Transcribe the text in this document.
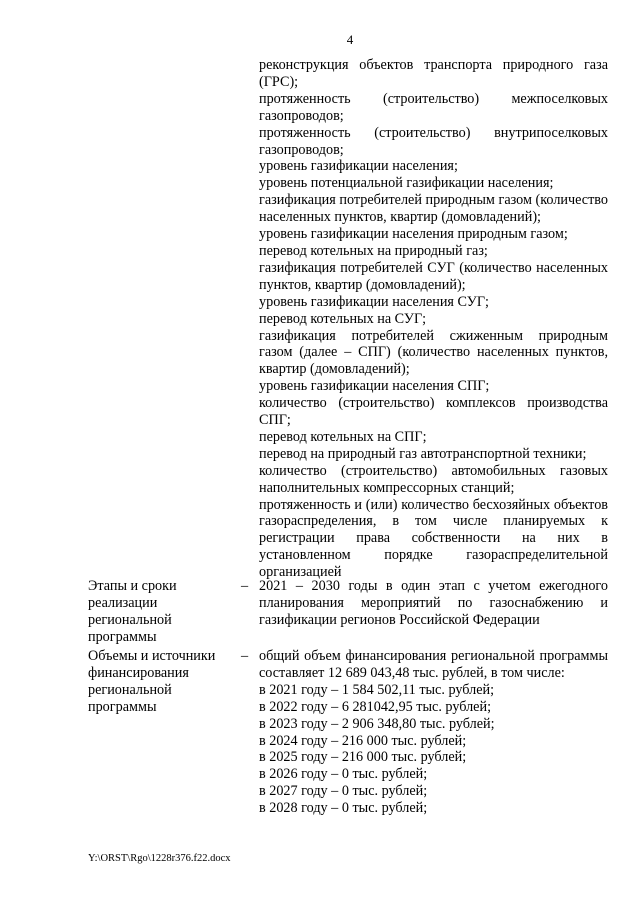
4

реконструкция объектов транспорта природного газа (ГРС);

протяженность (строительство) межпоселковых газопроводов;

протяженность (строительство) внутрипоселковых газопроводов;

уровень газификации населения;

уровень потенциальной газификации населения;

газификация потребителей природным газом (количество населенных пунктов, квартир (домовладений);

уровень газификации населения природным газом;

перевод котельных на природный газ;

газификация потребителей СУГ (количество населенных пунктов, квартир (домовладений);

уровень газификации населения СУГ;

перевод котельных на СУГ;

газификация потребителей сжиженным природным газом (далее – СПГ) (количество населенных пунктов, квартир (домовладений);

уровень газификации населения СПГ;

количество (строительство) комплексов производства СПГ;

перевод котельных на СПГ;

перевод на природный газ автотранспортной техники;

количество (строительство) автомобильных газовых наполнительных компрессорных станций;

протяженность и (или) количество бесхозяйных объектов газораспределения, в том числе планируемых к регистрации права собственности на них в установленном порядке газораспределительной организацией

Этапы и сроки реализации региональной программы

– 2021 – 2030 годы в один этап с учетом ежегодного планирования мероприятий по газоснабжению и газификации регионов Российской Федерации

Объемы и источники финансирования региональной программы

– общий объем финансирования региональной программы составляет 12 689 043,48 тыс. рублей, в том числе:

в 2021 году – 1 584 502,11 тыс. рублей;

в 2022 году – 6 281042,95 тыс. рублей;

в 2023 году – 2 906 348,80 тыс. рублей;

в 2024 году – 216 000 тыс. рублей;

в 2025 году – 216 000 тыс. рублей;

в 2026 году – 0 тыс. рублей;

в 2027 году – 0 тыс. рублей;

в 2028 году – 0 тыс. рублей;

Y:\ORST\Rgo\1228r376.f22.docx
